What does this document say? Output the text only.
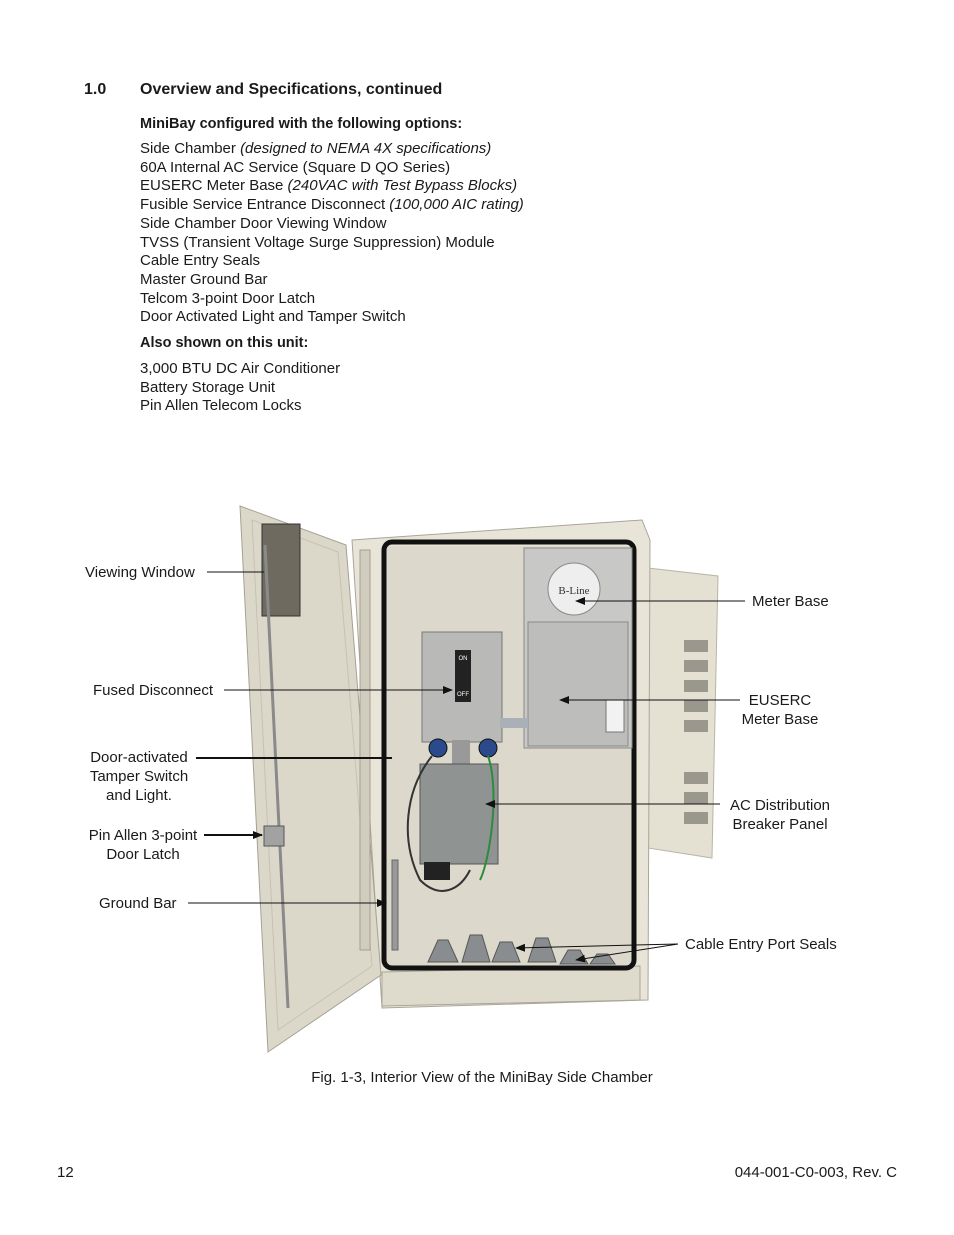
1.0 Overview and Specifications, continued
MiniBay configured with the following options:
Side Chamber (designed to NEMA 4X specifications)
60A Internal AC Service (Square D QO Series)
EUSERC Meter Base (240VAC with Test Bypass Blocks)
Fusible Service Entrance Disconnect (100,000 AIC rating)
Side Chamber Door Viewing Window
TVSS (Transient Voltage Surge Suppression) Module
Cable Entry Seals
Master Ground Bar
Telcom 3-point Door Latch
Door Activated Light and Tamper Switch
Also shown on this unit:
3,000 BTU DC Air Conditioner
Battery Storage Unit
Pin Allen Telecom Locks
B-Line
ON
OFF
Viewing Window
Fused Disconnect
Door-activated
Tamper Switch
and Light.
Pin Allen 3-point
Door Latch
Ground Bar
Meter Base
EUSERC
Meter Base
AC Distribution
Breaker Panel
Cable Entry Port Seals
Fig. 1-3, Interior View of the MiniBay Side Chamber
12	044-001-C0-003, Rev. C
